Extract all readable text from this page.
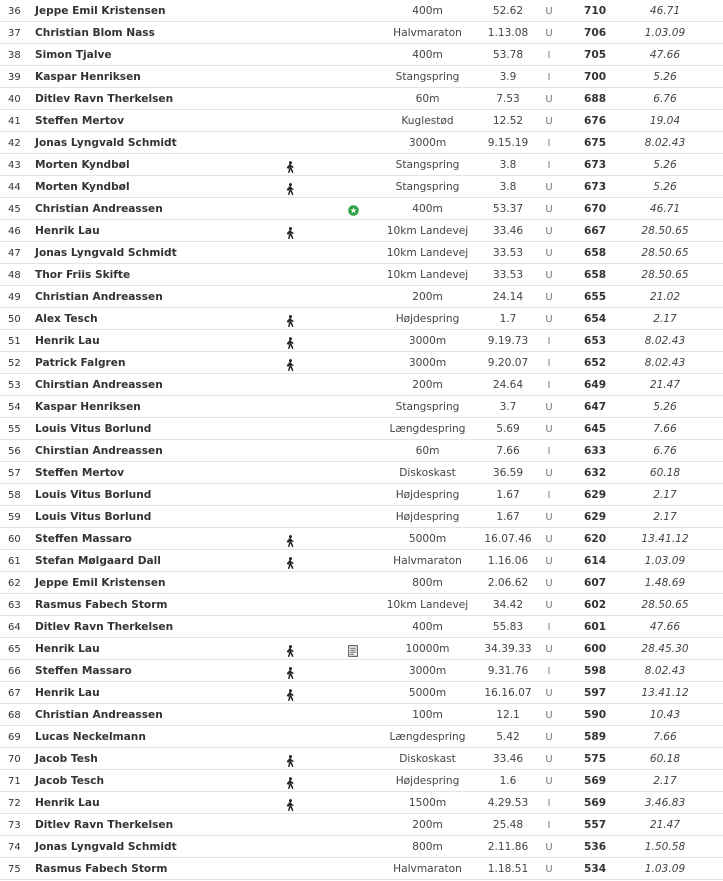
36	Jeppe Emil Kristensen	400m	52.62	U	710	46.71
37	Christian Blom Nass	Halvmaraton	1.13.08	U	706	1.03.09
38	Simon Tjalve	400m	53.78	I	705	47.66
39	Kaspar Henriksen	Stangspring	3.9	I	700	5.26
40	Ditlev Ravn Therkelsen	60m	7.53	U	688	6.76
41	Steffen Mertov	Kuglestød	12.52	U	676	19.04
42	Jonas Lyngvald Schmidt	3000m	9.15.19	I	675	8.02.43
43	Morten Kyndbøl	Stangspring	3.8	I	673	5.26
44	Morten Kyndbøl	Stangspring	3.8	U	673	5.26
45	Christian Andreassen	400m	53.37	U	670	46.71
46	Henrik Lau	10km Landevej	33.46	U	667	28.50.65
47	Jonas Lyngvald Schmidt	10km Landevej	33.53	U	658	28.50.65
48	Thor Friis Skifte	10km Landevej	33.53	U	658	28.50.65
49	Christian Andreassen	200m	24.14	U	655	21.02
50	Alex Tesch	Højdespring	1.7	U	654	2.17
51	Henrik Lau	3000m	9.19.73	I	653	8.02.43
52	Patrick Falgren	3000m	9.20.07	I	652	8.02.43
53	Chirstian Andreassen	200m	24.64	I	649	21.47
54	Kaspar Henriksen	Stangspring	3.7	U	647	5.26
55	Louis Vitus Borlund	Længdespring	5.69	U	645	7.66
56	Chirstian Andreassen	60m	7.66	I	633	6.76
57	Steffen Mertov	Diskoskast	36.59	U	632	60.18
58	Louis Vitus Borlund	Højdespring	1.67	I	629	2.17
59	Louis Vitus Borlund	Højdespring	1.67	U	629	2.17
60	Steffen Massaro	5000m	16.07.46	U	620	13.41.12
61	Stefan Mølgaard Dall	Halvmaraton	1.16.06	U	614	1.03.09
62	Jeppe Emil Kristensen	800m	2.06.62	U	607	1.48.69
63	Rasmus Fabech Storm	10km Landevej	34.42	U	602	28.50.65
64	Ditlev Ravn Therkelsen	400m	55.83	I	601	47.66
65	Henrik Lau	10000m	34.39.33	U	600	28.45.30
66	Steffen Massaro	3000m	9.31.76	I	598	8.02.43
67	Henrik Lau	5000m	16.16.07	U	597	13.41.12
68	Christian Andreassen	100m	12.1	U	590	10.43
69	Lucas Neckelmann	Længdespring	5.42	U	589	7.66
70	Jacob Tesh	Diskoskast	33.46	U	575	60.18
71	Jacob Tesch	Højdespring	1.6	U	569	2.17
72	Henrik Lau	1500m	4.29.53	I	569	3.46.83
73	Ditlev Ravn Therkelsen	200m	25.48	I	557	21.47
74	Jonas Lyngvald Schmidt	800m	2.11.86	U	536	1.50.58
75	Rasmus Fabech Storm	Halvmaraton	1.18.51	U	534	1.03.09
